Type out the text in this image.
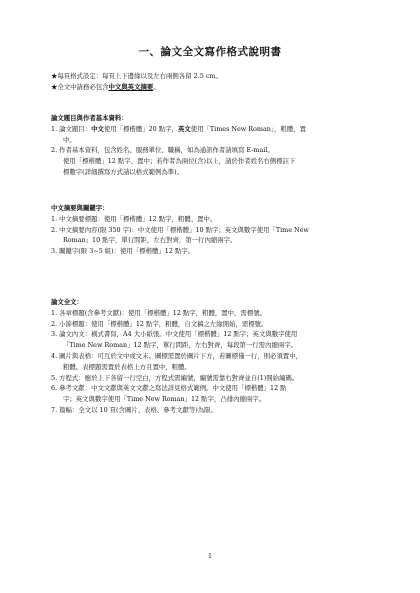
一、論文全文寫作格式說明書
★每頁格式設定：每頁上下邊緣以及左右兩側各留 2.5 cm。
★全文中請務必包含中文與英文摘要。
論文題目與作者基本資料：
1. 論文題目：中文使用「標楷體」20 點字，英文使用「Times New Roman」，粗體，置
中。
2. 作者基本資料，包含姓名、服務單位、職稱，如為通訊作者請填寫 E-mail。
使用「標楷體」12 點字、置中；若作者為兩位(含)以上，請於作者姓名右側標註下
標數字(詳細撰寫方式請以格式範例為準)。
中文摘要與關鍵字：
1. 中文摘要標題：使用「標楷體」12 點字，粗體、置中。
2. 中文摘要內容(限 350 字)：中文使用「標楷體」10 點字；英文與數字使用「Time New
Roman」10 點字，單行間距，左右對齊，第一行內縮兩字。
3. 關鍵字(限 3~5 組)：使用「標楷體」12 點字。
論文全文：
1. 各章標題(含參考文獻)：使用「標楷體」12 點字，粗體，置中，需標號。
2. 小節標題：使用「標楷體」12 點字，粗體，自文稿之左緣開始，需標號。
3. 論文內文：橫式書寫，A4 大小紙張。中文使用「標楷體」12 點字；英文與數字使用
「Time New Roman」12 點字，單行間距，左右對齊，每段第一行需內縮兩字。
4. 圖片與表格：可互於文中或文末。圖標需置於圖片下方，若圖標僅一行，則必須置中，
粗體。表標題需置於表格上方且置中，粗體。
5. 方程式：應於上下各留一行空白，方程式需編號，編號需靠右對齊並自(1)開始編碼。
6. 參考文獻：中文文獻與英文文獻之寫法詳見格式範例。中文使用「標楷體」12 點
字；英文與數字使用「Time New Roman」12 點字，凸排內縮兩字。
7. 篇幅：全文以 10 頁(含圖片、表格、參考文獻等)為限。
1
